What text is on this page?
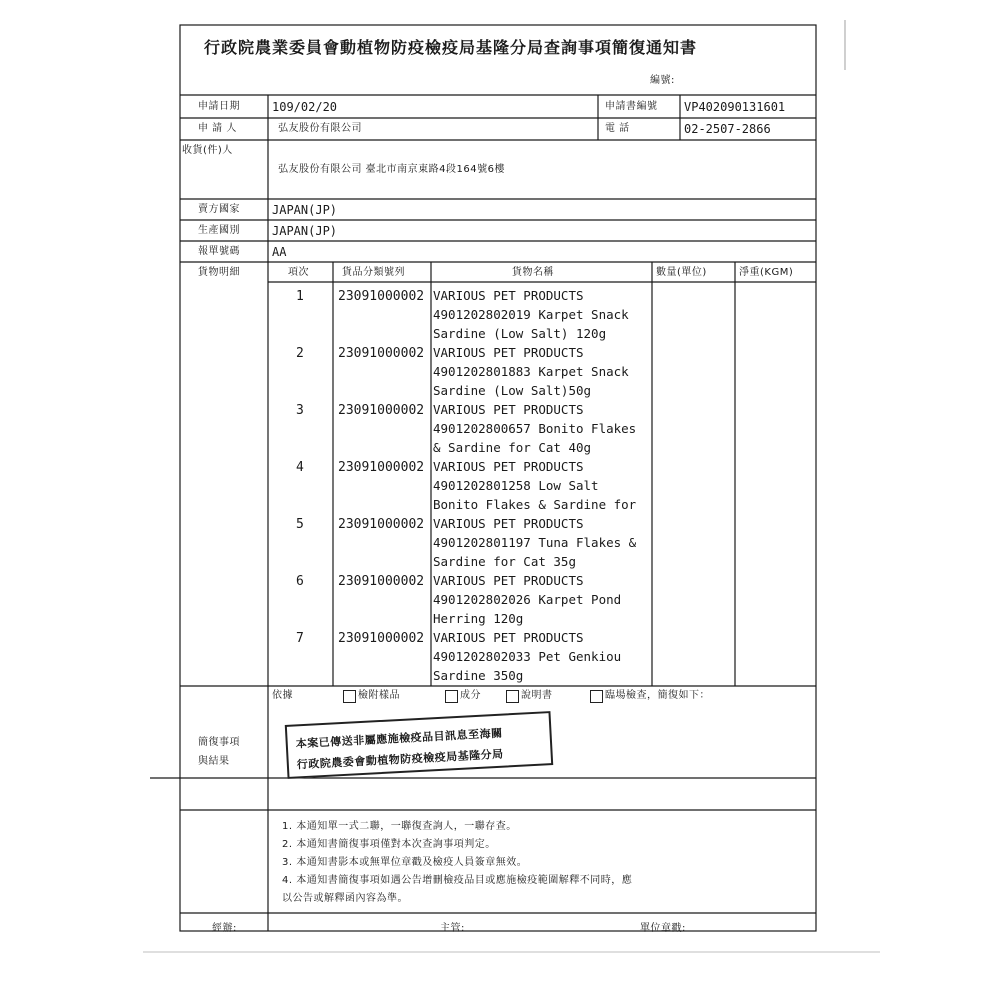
行政院農業委員會動植物防疫檢疫局基隆分局查詢事項簡復通知書
編號:
申請日期	109/02/20	申請書編號 VP402090131601
申 請 人	弘友股份有限公司	電 話	02-2507-2866
收貨(件)人
弘友股份有限公司 臺北市南京東路4段164號6樓
賣方國家	JAPAN(JP)
生產國別	JAPAN(JP)
報單號碼	AA
貨物明細	項次	貨品分類號列	貨物名稱	數量(單位)	淨重(KGM)
1	23091000002 VARIOUS PET PRODUCTS
4901202802019 Karpet Snack
Sardine (Low Salt) 120g
2	23091000002 VARIOUS PET PRODUCTS
4901202801883 Karpet Snack
Sardine (Low Salt)50g
3	23091000002 VARIOUS PET PRODUCTS
4901202800657 Bonito Flakes
& Sardine for Cat 40g
4	23091000002 VARIOUS PET PRODUCTS
4901202801258 Low Salt
Bonito Flakes & Sardine for
5	23091000002 VARIOUS PET PRODUCTS
4901202801197 Tuna Flakes &
Sardine for Cat 35g
6	23091000002 VARIOUS PET PRODUCTS
4901202802026 Karpet Pond
Herring 120g
7	23091000002 VARIOUS PET PRODUCTS
4901202802033 Pet Genkiou
Sardine 350g
依據	檢附樣品	成分	說明書	臨場檢查，簡復如下：
簡復事項
與結果
本案已傳送非屬應施檢疫品目訊息至海關
行政院農委會動植物防疫檢疫局基隆分局
1. 本通知單一式二聯，一聯復查詢人，一聯存查。
2. 本通知書簡復事項僅對本次查詢事項判定。
3. 本通知書影本或無單位章戳及檢疫人員簽章無效。
4. 本通知書簡復事項如遇公告增刪檢疫品目或應施檢疫範圍解釋不同時，應
以公告或解釋函內容為準。
經辦:	主管:	單位章戳:
